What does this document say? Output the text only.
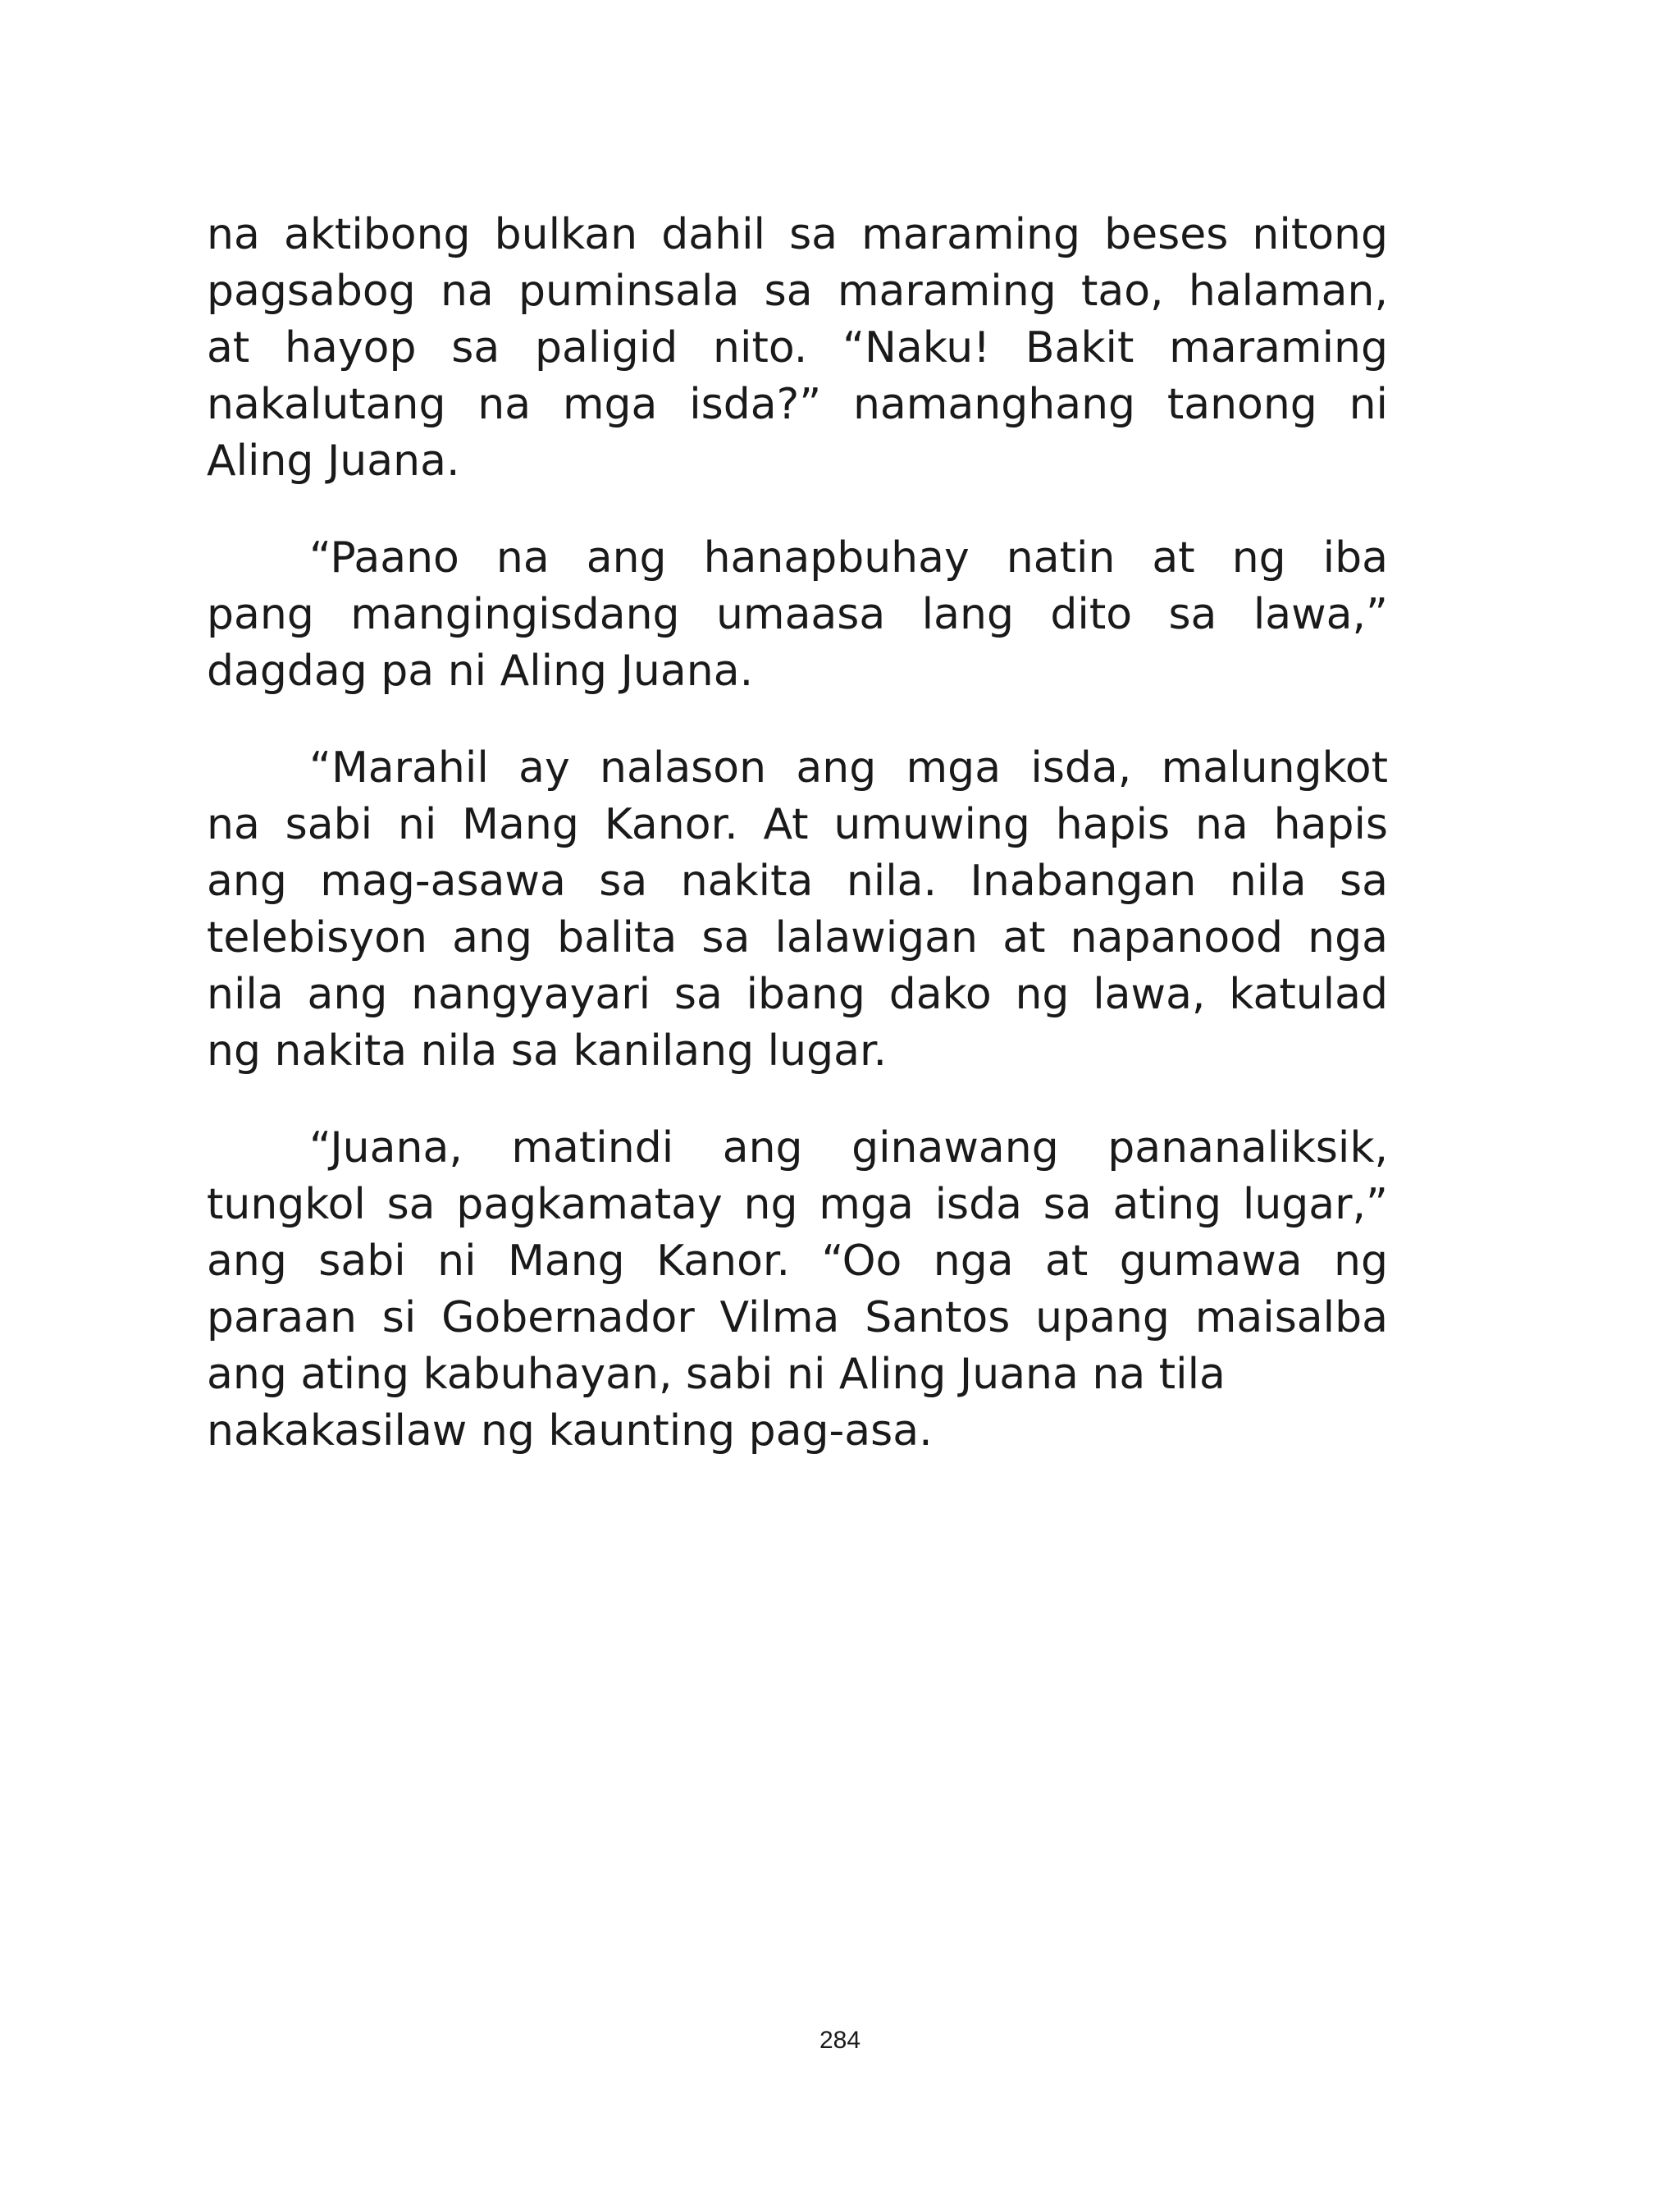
na aktibong bulkan dahil sa maraming beses nitong
pagsabog na puminsala sa maraming tao, halaman,
at hayop sa paligid nito. “Naku! Bakit maraming
nakalutang na mga isda?” namanghang tanong ni
Aling Juana.

“Paano na ang hanapbuhay natin at ng iba
pang mangingisdang umaasa lang dito sa lawa,”
dagdag pa ni Aling Juana.

“Marahil ay nalason ang mga isda, malungkot
na sabi ni Mang Kanor. At umuwing hapis na hapis
ang mag-asawa sa nakita nila. Inabangan nila sa
telebisyon ang balita sa lalawigan at napanood nga
nila ang nangyayari sa ibang dako ng lawa, katulad
ng nakita nila sa kanilang lugar.

“Juana, matindi ang ginawang pananaliksik,
tungkol sa pagkamatay ng mga isda sa ating lugar,”
ang sabi ni Mang Kanor. “Oo nga at gumawa ng
paraan si Gobernador Vilma Santos upang maisalba
ang ating kabuhayan, sabi ni Aling Juana na tila
nakakasilaw ng kaunting pag-asa.

284
